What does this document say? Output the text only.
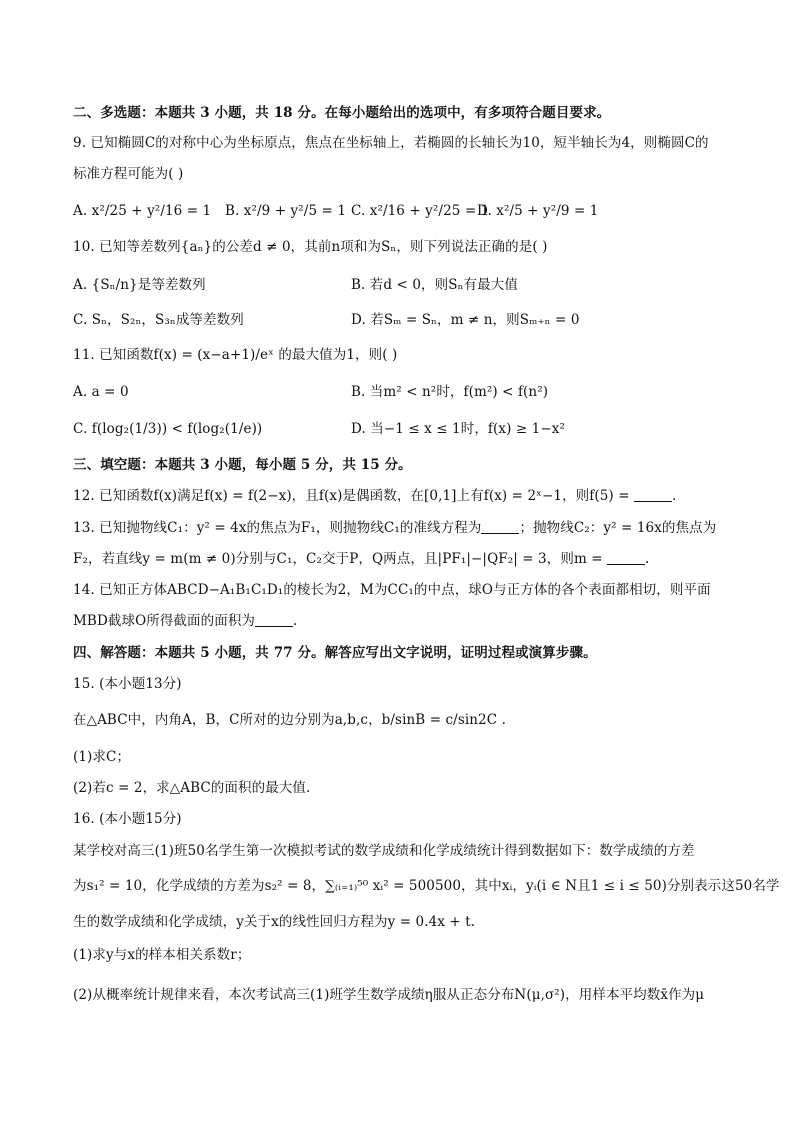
二、多选题：本题共 3 小题，共 18 分。在每小题给出的选项中，有多项符合题目要求。
9. 已知椭圆C的对称中心为坐标原点，焦点在坐标轴上，若椭圆的长轴长为10，短半轴长为4，则椭圆C的
标准方程可能为( )
A. x²/25 + y²/16 = 1 B. x²/9 + y²/5 = 1 C. x²/16 + y²/25 = 1
D. x²/5 + y²/9 = 1
10. 已知等差数列{aₙ}的公差d ≠ 0，其前n项和为Sₙ，则下列说法正确的是( )
A. {Sₙ/n}是等差数列	B. 若d < 0，则Sₙ有最大值
C. Sₙ，S₂ₙ，S₃ₙ成等差数列	D. 若Sₘ = Sₙ，m ≠ n，则Sₘ₊ₙ = 0
11. 已知函数f(x) = (x−a+1)/eˣ 的最大值为1，则( )
A. a = 0	B. 当m² < n²时，f(m²) < f(n²)
C. f(log₂(1/3)) < f(log₂(1/e))	D. 当−1 ≤ x ≤ 1时，f(x) ≥ 1−x²
三、填空题：本题共 3 小题，每小题 5 分，共 15 分。
12. 已知函数f(x)满足f(x) = f(2−x)，且f(x)是偶函数，在[0,1]上有f(x) = 2ˣ−1，则f(5) =	.
13. 已知抛物线C₁：y² = 4x的焦点为F₁，则抛物线C₁的准线方程为	；抛物线C₂：y² = 16x的焦点为
F₂，若直线y = m(m ≠ 0)分别与C₁，C₂交于P，Q两点，且|PF₁|−|QF₂| = 3，则m =	.
14. 已知正方体ABCD−A₁B₁C₁D₁的棱长为2，M为CC₁的中点，球O与正方体的各个表面都相切，则平面
MBD截球O所得截面的面积为	.
四、解答题：本题共 5 小题，共 77 分。解答应写出文字说明，证明过程或演算步骤。
15. (本小题13分)
在△ABC中，内角A，B，C所对的边分别为a,b,c，b/sinB = c/sin2C .
(1)求C；
(2)若c = 2，求△ABC的面积的最大值.
16. (本小题15分)
某学校对高三(1)班50名学生第一次模拟考试的数学成绩和化学成绩统计得到数据如下：数学成绩的方差
为s₁² = 10，化学成绩的方差为s₂² = 8，∑₍ᵢ₌₁₎⁵⁰ xᵢ² = 500500，其中xᵢ，yᵢ(i ∈ N且1 ≤ i ≤ 50)分别表示这50名学
生的数学成绩和化学成绩，y关于x的线性回归方程为y = 0.4x + t.
(1)求y与x的样本相关系数r；
(2)从概率统计规律来看，本次考试高三(1)班学生数学成绩η服从正态分布N(μ,σ²)，用样本平均数x̄作为μ
